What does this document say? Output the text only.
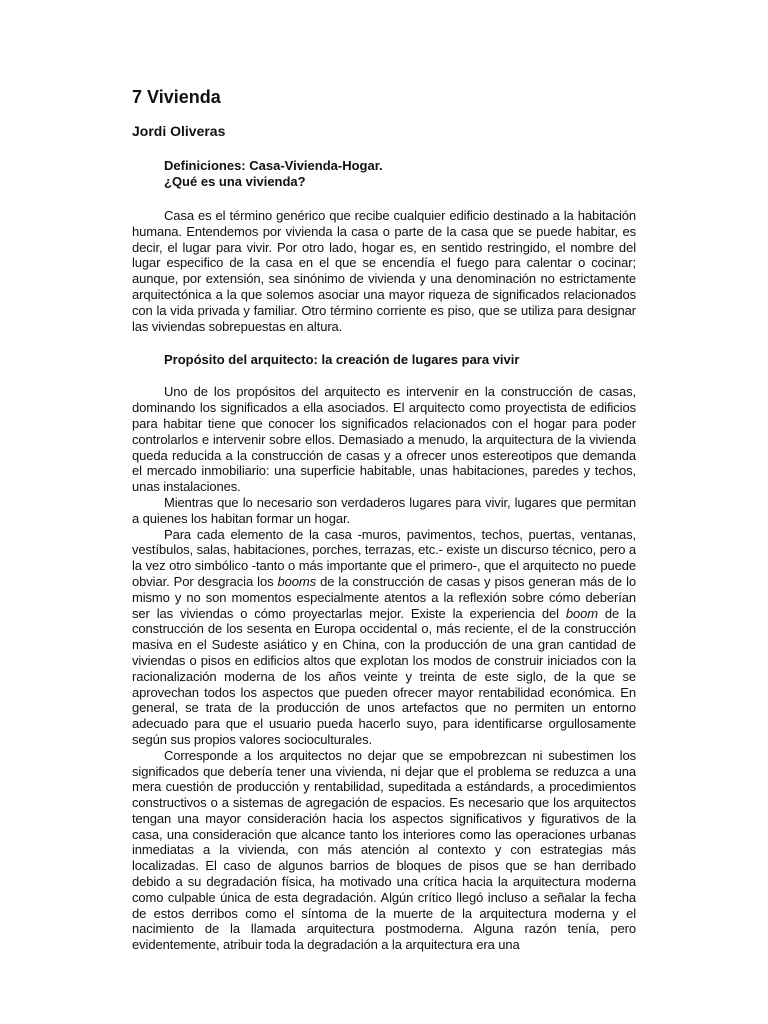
7 Vivienda
Jordi Oliveras
Definiciones: Casa-Vivienda-Hogar.
¿Qué es una vivienda?

Casa es el término genérico que recibe cualquier edificio destinado a la habitación humana. Entendemos por vivienda la casa o parte de la casa que se puede habitar, es decir, el lugar para vivir. Por otro lado, hogar es, en sentido restringido, el nombre del lugar especifico de la casa en el que se encendía el fuego para calentar o cocinar; aunque, por extensión, sea sinónimo de vivienda y una denominación no estrictamente arquitectónica a la que solemos asociar una mayor riqueza de significados relacionados con la vida privada y familiar. Otro término corriente es piso, que se utiliza para designar las viviendas sobrepuestas en altura.

Propósito del arquitecto: la creación de lugares para vivir

Uno de los propósitos del arquitecto es intervenir en la construcción de casas, dominando los significados a ella asociados. El arquitecto como proyectista de edificios para habitar tiene que conocer los significados relacionados con el hogar para poder controlarlos e intervenir sobre ellos. Demasiado a menudo, la arquitectura de la vivienda queda reducida a la construcción de casas y a ofrecer unos estereotipos que demanda el mercado inmobiliario: una superficie habitable, unas habitaciones, paredes y techos, unas instalaciones.

Mientras que lo necesario son verdaderos lugares para vivir, lugares que permitan a quienes los habitan formar un hogar.

Para cada elemento de la casa -muros, pavimentos, techos, puertas, ventanas, vestíbulos, salas, habitaciones, porches, terrazas, etc.- existe un discurso técnico, pero a la vez otro simbólico -tanto o más importante que el primero-, que el arquitecto no puede obviar. Por desgracia los booms de la construcción de casas y pisos generan más de lo mismo y no son momentos especialmente atentos a la reflexión sobre cómo deberían ser las viviendas o cómo proyectarlas mejor. Existe la experiencia del boom de la construcción de los sesenta en Europa occidental o, más reciente, el de la construcción masiva en el Sudeste asiático y en China, con la producción de una gran cantidad de viviendas o pisos en edificios altos que explotan los modos de construir iniciados con la racionalización moderna de los años veinte y treinta de este siglo, de la que se aprovechan todos los aspectos que pueden ofrecer mayor rentabilidad económica. En general, se trata de la producción de unos artefactos que no permiten un entorno adecuado para que el usuario pueda hacerlo suyo, para identificarse orgullosamente según sus propios valores socioculturales.

Corresponde a los arquitectos no dejar que se empobrezcan ni subestimen los significados que debería tener una vivienda, ni dejar que el problema se reduzca a una mera cuestión de producción y rentabilidad, supeditada a estándards, a procedimientos constructivos o a sistemas de agregación de espacios. Es necesario que los arquitectos tengan una mayor consideración hacia los aspectos significativos y figurativos de la casa, una consideración que alcance tanto los interiores como las operaciones urbanas inmediatas a la vivienda, con más atención al contexto y con estrategias más localizadas. El caso de algunos barrios de bloques de pisos que se han derribado debido a su degradación física, ha motivado una crítica hacia la arquitectura moderna como culpable única de esta degradación. Algún crítico llegó incluso a señalar la fecha de estos derribos como el síntoma de la muerte de la arquitectura moderna y el nacimiento de la llamada arquitectura postmoderna. Alguna razón tenía, pero evidentemente, atribuir toda la degradación a la arquitectura era una
